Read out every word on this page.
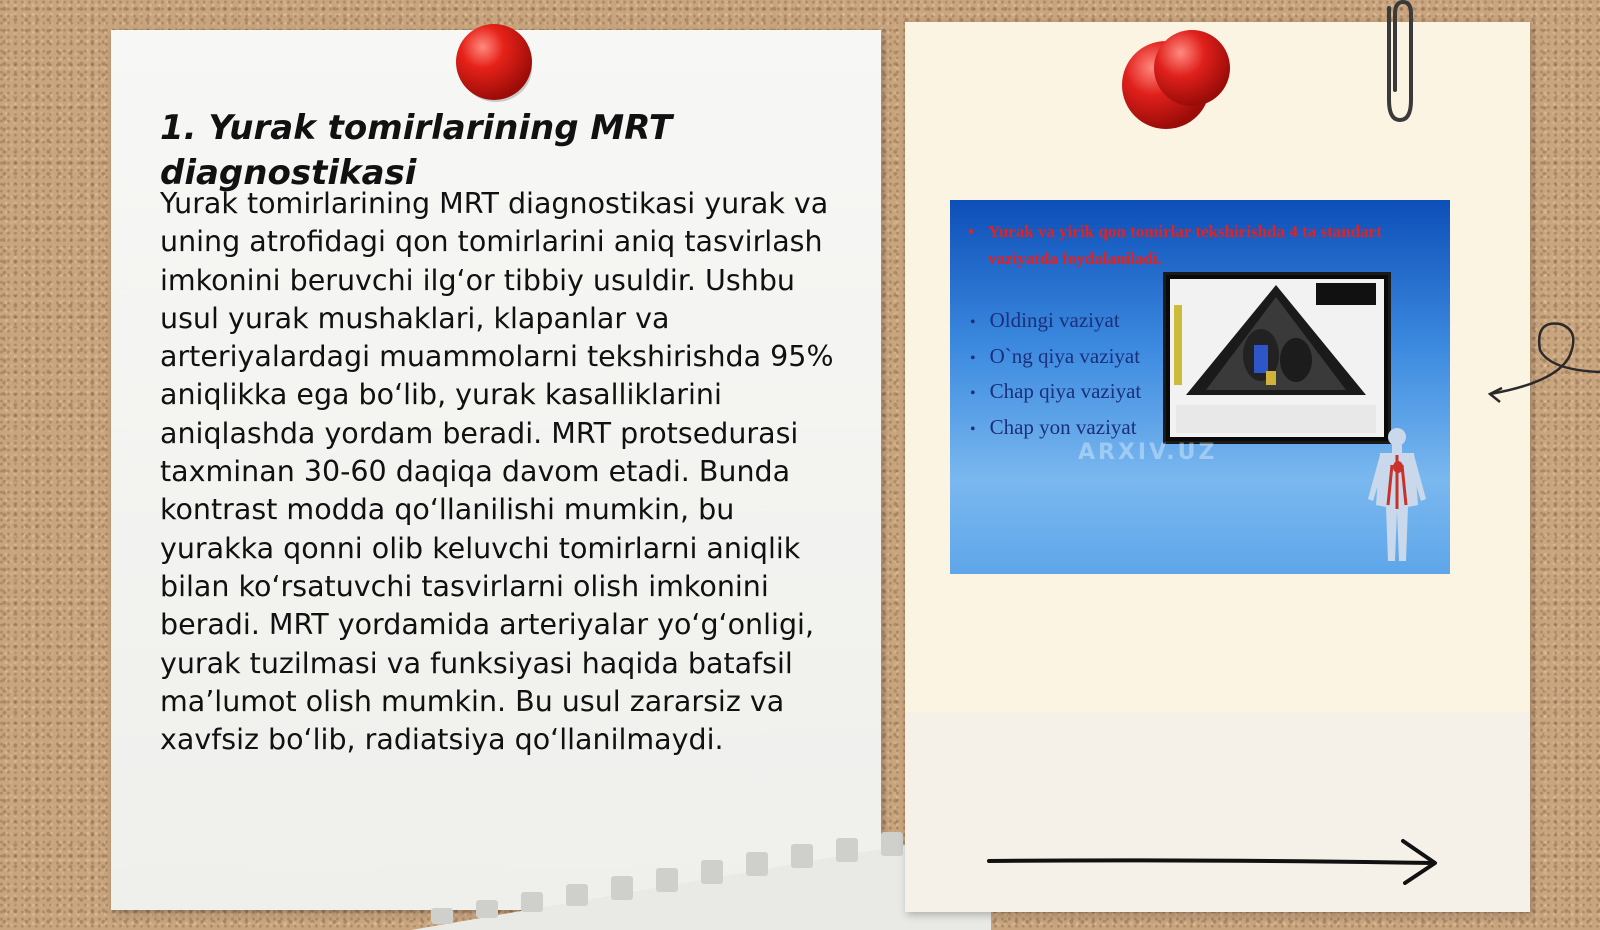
1. Yurak tomirlarining MRT diagnostikasi

Yurak tomirlarining MRT diagnostikasi yurak va uning atrofidagi qon tomirlarini aniq tasvirlash imkonini beruvchi ilg‘or tibbiy usuldir. Ushbu usul yurak mushaklari, klapanlar va arteriyalardagi muammolarni tekshirishda 95% aniqlikka ega bo‘lib, yurak kasalliklarini aniqlashda yordam beradi. MRT protsedurasi taxminan 30-60 daqiqa davom etadi. Bunda kontrast modda qo‘llanilishi mumkin, bu yurakka qonni olib keluvchi tomirlarni aniqlik bilan ko‘rsatuvchi tasvirlarni olish imkonini beradi. MRT yordamida arteriyalar yo‘g‘onligi, yurak tuzilmasi va funksiyasi haqida batafsil ma’lumot olish mumkin. Bu usul zararsiz va xavfsiz bo‘lib, radiatsiya qo‘llanilmaydi.

• Yurak va yirik qon tomirlar tekshirishda 4 ta standart vaziyatda foydalaniladi.
• Oldingi vaziyat
• O`ng qiya vaziyat
• Chap qiya vaziyat
• Chap yon vaziyat
ARXIV.UZ
